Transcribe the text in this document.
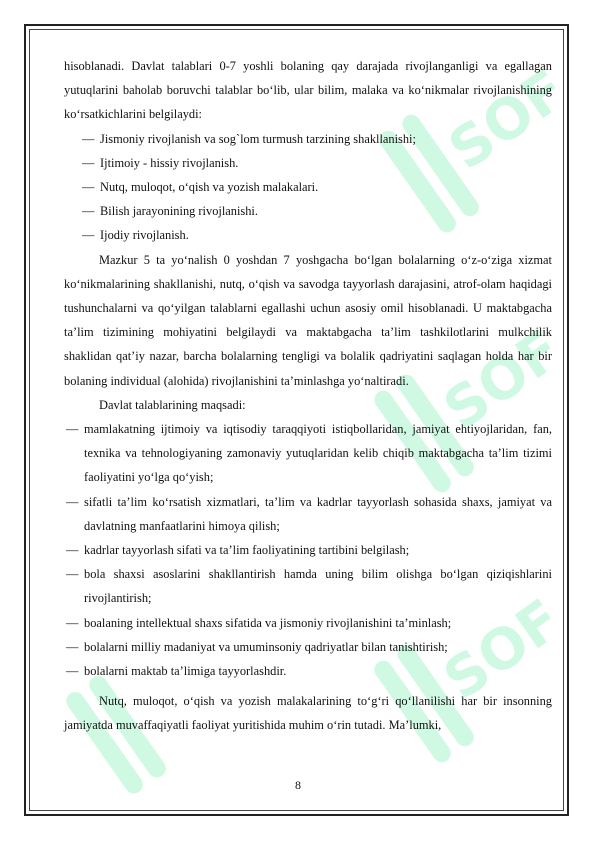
SOF
SOF
SOF

hisoblanadi. Davlat talablari 0-7 yoshli bolaning qay darajada rivojlanganligi va egallagan yutuqlarini baholab boruvchi talablar bo‘lib, ular bilim, malaka va ko‘nikmalar rivojlanishining ko‘rsatkichlarini belgilaydi:

— Jismoniy rivojlanish va sog`lom turmush tarzining shakllanishi;

— Ijtimoiy - hissiy rivojlanish.

— Nutq, muloqot, o‘qish va yozish malakalari.

— Bilish jarayonining rivojlanishi.

— Ijodiy rivojlanish.

Mazkur 5 ta yo‘nalish 0 yoshdan 7 yoshgacha bo‘lgan bolalarning o‘z-o‘ziga xizmat ko‘nikmalarining shakllanishi, nutq, o‘qish va savodga tayyorlash darajasini, atrof-olam haqidagi tushunchalarni va qo‘yilgan talablarni egallashi uchun asosiy omil hisoblanadi. U maktabgacha ta’lim tizimining mohiyatini belgilaydi va maktabgacha ta’lim tashkilotlarini mulkchilik shaklidan qat’iy nazar, barcha bolalarning tengligi va bolalik qadriyatini saqlagan holda har bir bolaning individual (alohida) rivojlanishini ta’minlashga yo‘naltiradi.

Davlat talablarining maqsadi:

— mamlakatning ijtimoiy va iqtisodiy taraqqiyoti istiqbollaridan, jamiyat ehtiyojlaridan, fan, texnika va tehnologiyaning zamonaviy yutuqlaridan kelib chiqib maktabgacha ta’lim tizimi faoliyatini yo‘lga qo‘yish;

— sifatli ta’lim ko‘rsatish xizmatlari, ta’lim va kadrlar tayyorlash sohasida shaxs, jamiyat va davlatning manfaatlarini himoya qilish;

— kadrlar tayyorlash sifati va ta’lim faoliyatining tartibini belgilash;

— bola shaxsi asoslarini shakllantirish hamda uning bilim olishga bo‘lgan qiziqishlarini rivojlantirish;

— boalaning intellektual shaxs sifatida va jismoniy rivojlanishini ta’minlash;

— bolalarni milliy madaniyat va umuminsoniy qadriyatlar bilan tanishtirish;

— bolalarni maktab ta’limiga tayyorlashdir.

Nutq, muloqot, o‘qish va yozish malakalarining to‘g‘ri qo‘llanilishi har bir insonning jamiyatda muvaffaqiyatli faoliyat yuritishida muhim o‘rin tutadi. Ma’lumki,

8
